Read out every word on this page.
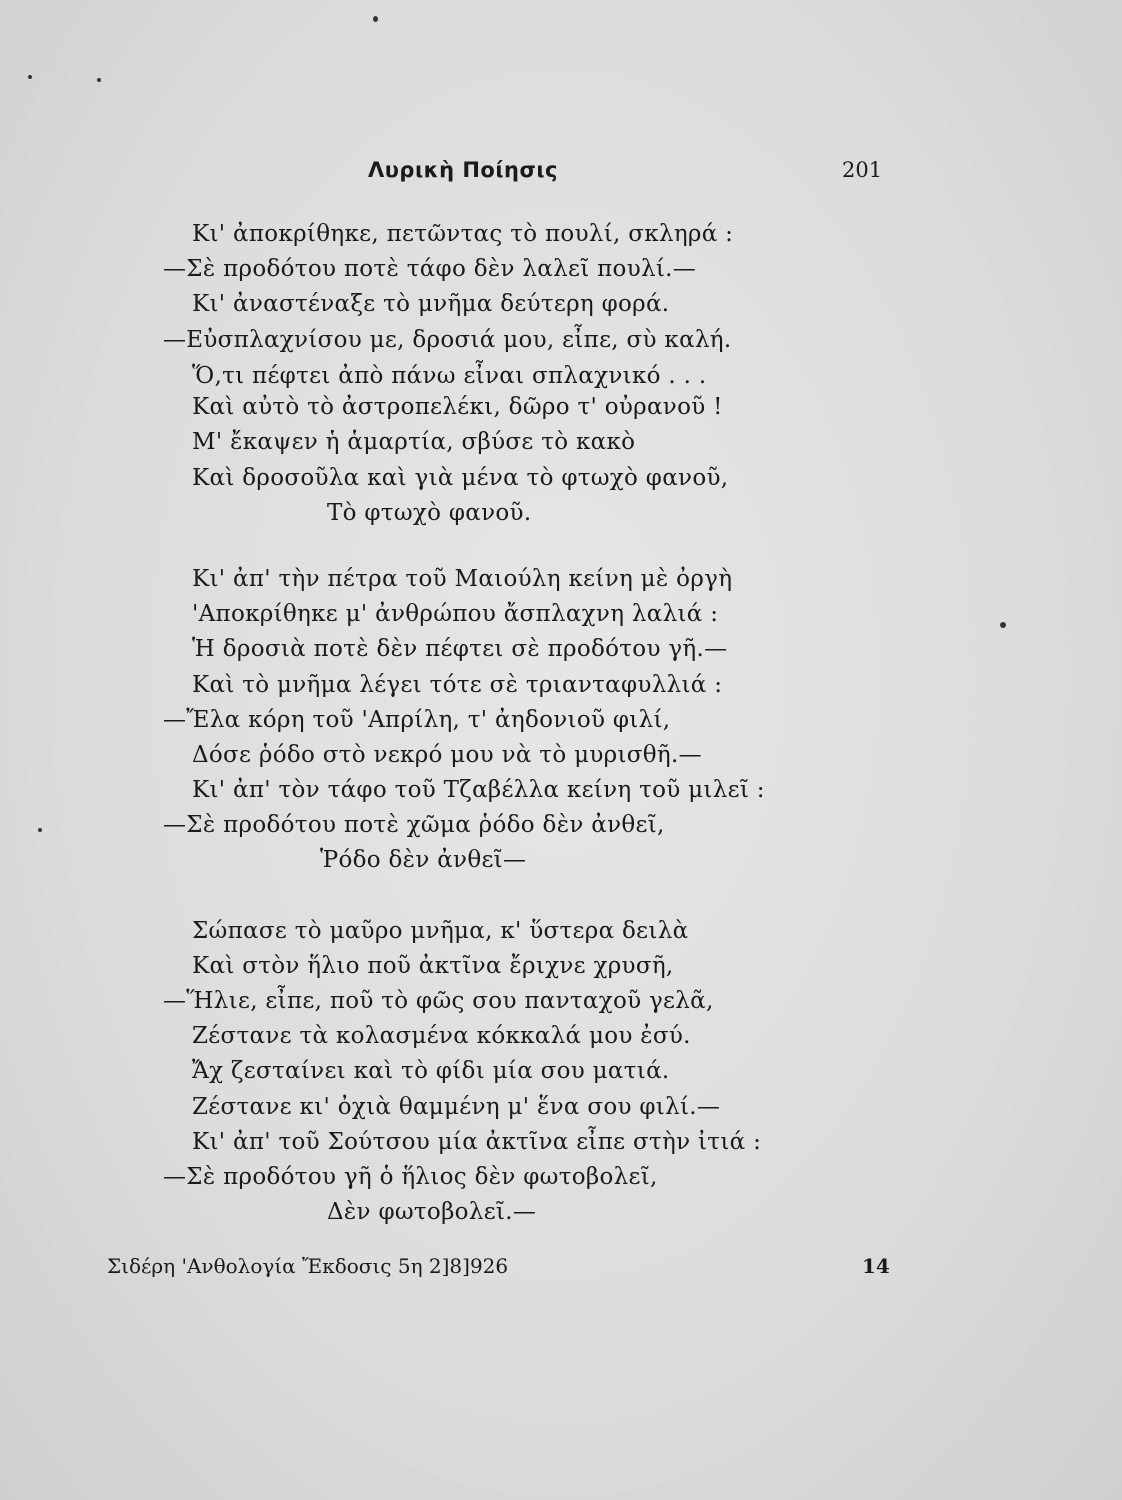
Λυρικὴ Ποίησις	201
Κι' ἀποκρίθηκε, πετῶντας τὸ πουλί, σκληρά :
—Σὲ προδότου ποτὲ τάφο δὲν λαλεῖ πουλί.—
Κι' ἀναστέναξε τὸ μνῆμα δεύτερη φορά.
—Εὐσπλαχνίσου με, δροσιά μου, εἶπε, σὺ καλή.
Ὅ,τι πέφτει ἀπὸ πάνω εἶναι σπλαχνικό . . .
Καὶ αὐτὸ τὸ ἀστροπελέκι, δῶρο τ' οὐρανοῦ !
Μ' ἔκαψεν ἡ ἁμαρτία, σβύσε τὸ κακὸ
Καὶ δροσοῦλα καὶ γιὰ μένα τὸ φτωχὸ φανοῦ,
Τὸ φτωχὸ φανοῦ.
Κι' ἀπ' τὴν πέτρα τοῦ Μαιούλη κείνη μὲ ὀργὴ
'Αποκρίθηκε μ' ἀνθρώπου ἄσπλαχνη λαλιά :
Ἡ δροσιὰ ποτὲ δὲν πέφτει σὲ προδότου γῆ.—
Καὶ τὸ μνῆμα λέγει τότε σὲ τριανταφυλλιά :
—Ἔλα κόρη τοῦ 'Απρίλη, τ' ἀηδονιοῦ φιλί,
Δόσε ῥόδο στὸ νεκρό μου νὰ τὸ μυρισθῆ.—
Κι' ἀπ' τὸν τάφο τοῦ Τζαβέλλα κείνη τοῦ μιλεῖ :
—Σὲ προδότου ποτὲ χῶμα ῥόδο δὲν ἀνθεῖ,
Ῥόδο δὲν ἀνθεῖ—
Σώπασε τὸ μαῦρο μνῆμα, κ' ὕστερα δειλὰ
Καὶ στὸν ἥλιο ποῦ ἀκτῖνα ἔριχνε χρυσῆ,
—Ἥλιε, εἶπε, ποῦ τὸ φῶς σου πανταχοῦ γελᾶ,
Ζέστανε τὰ κολασμένα κόκκαλά μου ἐσύ.
Ἄχ ζεσταίνει καὶ τὸ φίδι μία σου ματιά.
Ζέστανε κι' ὀχιὰ θαμμένη μ' ἕνα σου φιλί.—
Κι' ἀπ' τοῦ Σούτσου μία ἀκτῖνα εἶπε στὴν ἰτιά :
—Σὲ προδότου γῆ ὁ ἥλιος δὲν φωτοβολεῖ,
Δὲν φωτοβολεῖ.—
Σιδέρη 'Ανθολογία Ἔκδοσις 5η 2]8]926	14
